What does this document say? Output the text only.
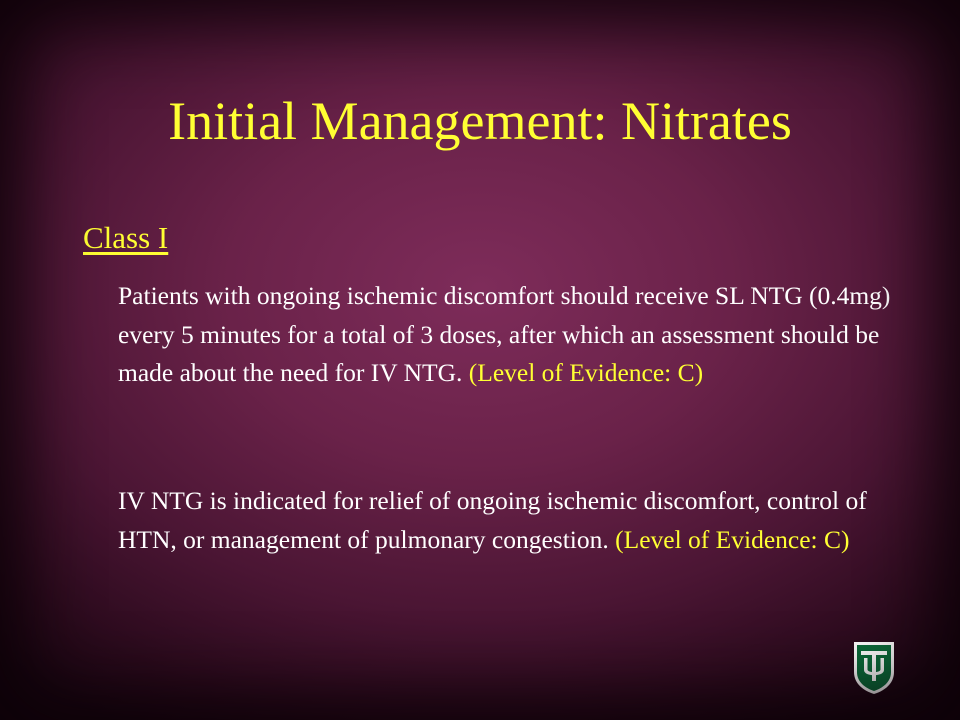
Initial Management: Nitrates
Class I
Patients with ongoing ischemic discomfort should receive SL NTG (0.4mg) every 5 minutes for a total of 3 doses, after which an assessment should be made about the need for IV NTG. (Level of Evidence: C)
IV NTG is indicated for relief of ongoing ischemic discomfort, control of HTN, or management of pulmonary congestion. (Level of Evidence: C)
